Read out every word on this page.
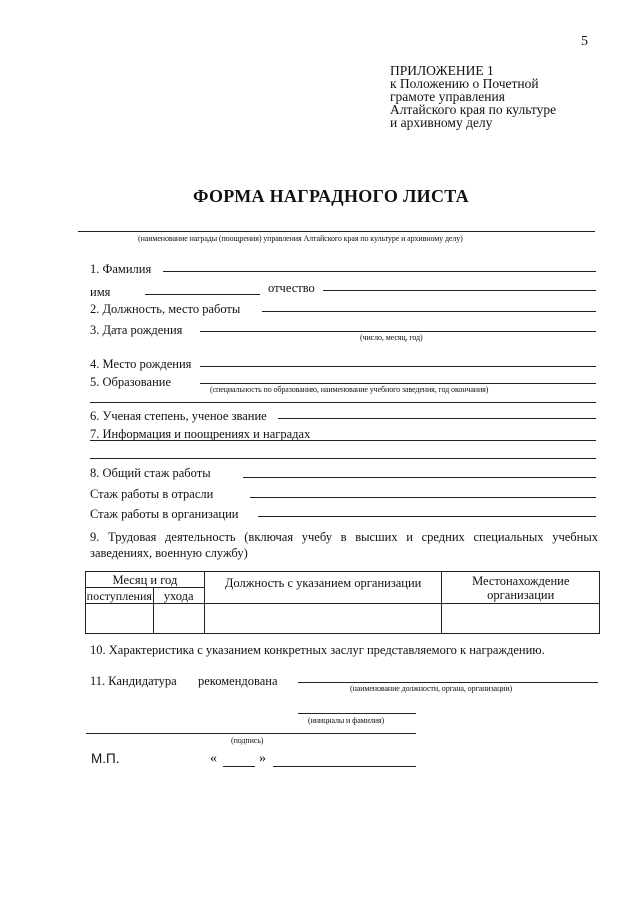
5
ПРИЛОЖЕНИЕ 1
к Положению о Почетной
грамоте управления
Алтайского края по культуре
и архивному делу
ФОРМА НАГРАДНОГО ЛИСТА
(наименование награды (поощрения) управления Алтайского края по культуре и архивному делу)
1. Фамилия
имя	отчество
2. Должность, место работы
3. Дата рождения
(число, месяц, год)
4. Место рождения
5. Образование
(специальность по образованию, наименование учебного заведения, год окончания)
6. Ученая степень, ученое звание
7. Информация и поощрениях и наградах
8. Общий стаж работы
Стаж работы в отрасли
Стаж работы в организации
9. Трудовая деятельность (включая учебу в высших и средних специальных учебных заведениях, военную службу)
Месяц и год		Должность с указанием организации	Местонахождение организации
поступления	ухода		

10. Характеристика с указанием конкретных заслуг представляемого к награждению.
11. Кандидатура рекомендована
(наименование должности, органа, организации)
(инициалы и фамилия)
(подпись)
М.П.	«	»
